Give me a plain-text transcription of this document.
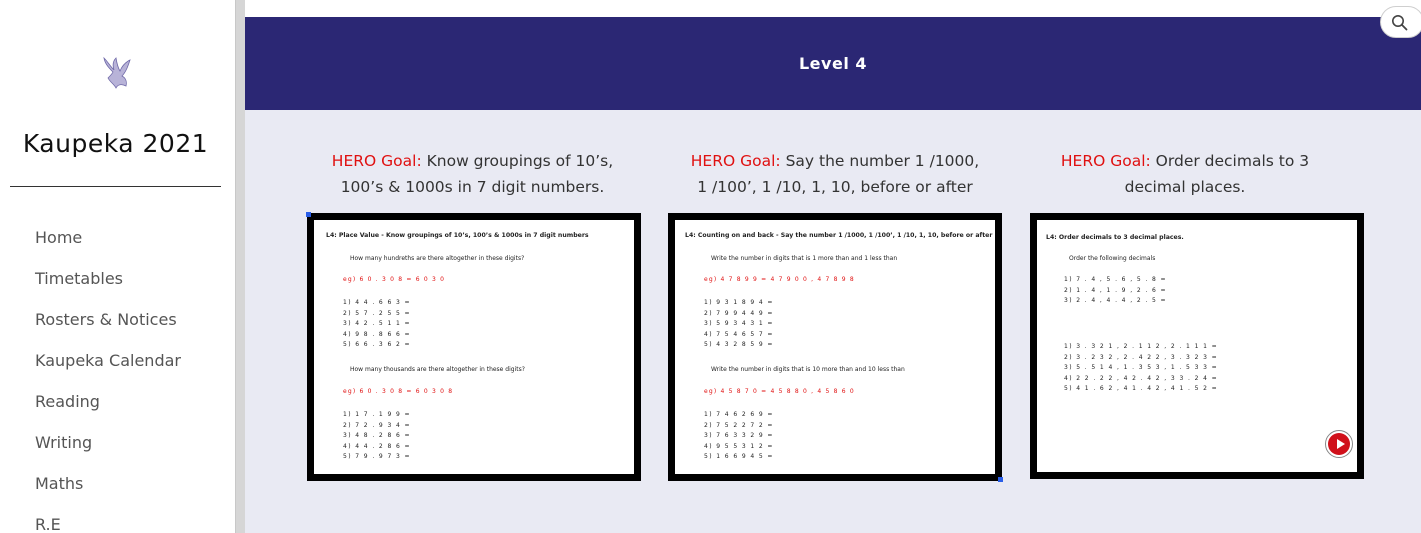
Kaupeka 2021
Home
Timetables
Rosters & Notices
Kaupeka Calendar
Reading
Writing
Maths
R.E
Level 4
HERO Goal: Know groupings of 10’s, 100’s & 1000s in 7 digit numbers.
L4: Place Value - Know groupings of 10’s, 100’s & 1000s in 7 digit numbers
How many hundreths are there altogether in these digits?
eg) 6 0 . 3 0 8 = 6 0 3 0
1) 4 4 . 6 6 3 =
2) 5 7 . 2 5 5 =
3) 4 2 . 5 1 1 =
4) 9 8 . 8 6 6 =
5) 6 6 . 3 6 2 =
How many thousands are there altogether in these digits?
eg) 6 0 . 3 0 8 = 6 0 3 0 8
1) 1 7 . 1 9 9 =
2) 7 2 . 9 3 4 =
3) 4 8 . 2 8 6 =
4) 4 4 . 2 8 6 =
5) 7 9 . 9 7 3 =
HERO Goal: Say the number 1 /1000, 1 /100’, 1 /10, 1, 10, before or after
L4: Counting on and back - Say the number 1 /1000, 1 /100’, 1 /10, 1, 10, before or after
Write the number in digits that is 1 more than and 1 less than
eg) 4 7 8 9 9 = 4 7 9 0 0 , 4 7 8 9 8
1) 9 3 1 8 9 4 =
2) 7 9 9 4 4 9 =
3) 5 9 3 4 3 1 =
4) 7 5 4 6 5 7 =
5) 4 3 2 8 5 9 =
Write the number in digits that is 10 more than and 10 less than
eg) 4 5 8 7 0 = 4 5 8 8 0 , 4 5 8 6 0
1) 7 4 6 2 6 9 =
2) 7 5 2 2 7 2 =
3) 7 6 3 3 2 9 =
4) 9 5 5 3 1 2 =
5) 1 6 6 9 4 5 =
HERO Goal: Order decimals to 3 decimal places.
L4: Order decimals to 3 decimal places.
Order the following decimals
1) 7 . 4 , 5 . 6 , 5 . 8 =
2) 1 . 4 , 1 . 9 , 2 . 6 =
3) 2 . 4 , 4 . 4 , 2 . 5 =
1) 3 . 3 2 1 , 2 . 1 1 2 , 2 . 1 1 1 =
2) 3 . 2 3 2 , 2 . 4 2 2 , 3 . 3 2 3 =
3) 5 . 5 1 4 , 1 . 3 5 3 , 1 . 5 3 3 =
4) 2 2 . 2 2 , 4 2 . 4 2 , 3 3 . 2 4 =
5) 4 1 . 6 2 , 4 1 . 4 2 , 4 1 . 5 2 =
